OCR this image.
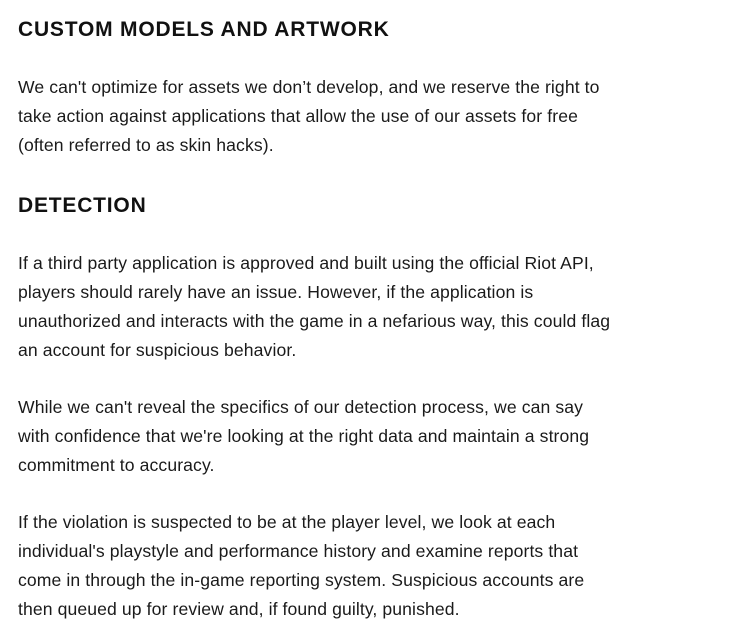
CUSTOM MODELS AND ARTWORK

We can't optimize for assets we don’t develop, and we reserve the right to
take action against applications that allow the use of our assets for free
(often referred to as skin hacks).

DETECTION

If a third party application is approved and built using the official Riot API,
players should rarely have an issue. However, if the application is
unauthorized and interacts with the game in a nefarious way, this could flag
an account for suspicious behavior.

While we can't reveal the specifics of our detection process, we can say
with confidence that we're looking at the right data and maintain a strong
commitment to accuracy.

If the violation is suspected to be at the player level, we look at each
individual's playstyle and performance history and examine reports that
come in through the in-game reporting system. Suspicious accounts are
then queued up for review and, if found guilty, punished.
